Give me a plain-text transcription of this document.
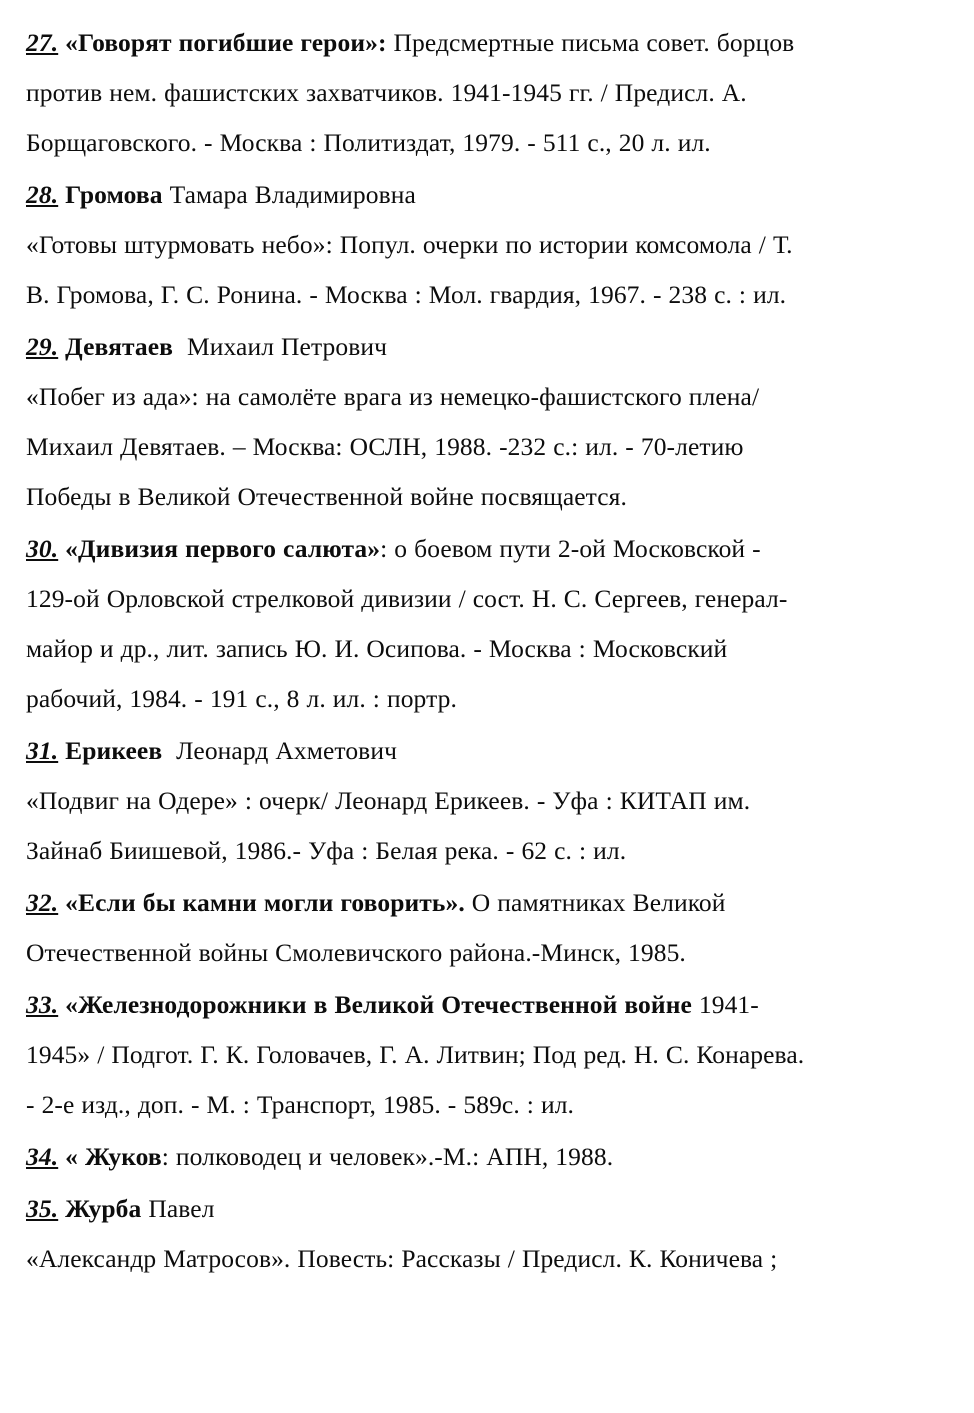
27. «Говорят погибшие герои»: Предсмертные письма совет. борцов
против нем. фашистских захватчиков. 1941-1945 гг. / Предисл. А.
Борщаговского. - Москва : Политиздат, 1979. - 511 с., 20 л. ил.
28. Громова Тамара Владимировна
«Готовы штурмовать небо»: Попул. очерки по истории комсомола / Т.
В. Громова, Г. С. Ронина. - Москва : Мол. гвардия, 1967. - 238 с. : ил.
29. Девятаев  Михаил Петрович
«Побег из ада»: на самолёте врага из немецко-фашистского плена/
Михаил Девятаев. – Москва: ОСЛН, 1988. -232 с.: ил. - 70-летию
Победы в Великой Отечественной войне посвящается.
30. «Дивизия первого салюта»: о боевом пути 2-ой Московской -
129-ой Орловской стрелковой дивизии / сост. Н. С. Сергеев, генерал-
майор и др., лит. запись Ю. И. Осипова. - Москва : Московский
рабочий, 1984. - 191 с., 8 л. ил. : портр.
31. Ерикеев  Леонард Ахметович
«Подвиг на Одере» : очерк/ Леонард Ерикеев. - Уфа : КИТАП им.
Зайнаб Биишевой, 1986.- Уфа : Белая река. - 62 с. : ил.
32. «Если бы камни могли говорить». О памятниках Великой
Отечественной войны Смолевичского района.-Минск, 1985.
33. «Железнодорожники в Великой Отечественной войне 1941-
1945» / Подгот. Г. К. Головачев, Г. А. Литвин; Под ред. Н. С. Конарева.
- 2-е изд., доп. - М. : Транспорт, 1985. - 589с. : ил.
34. « Жуков: полководец и человек».-М.: АПН, 1988.
35. Журба Павел
«Александр Матросов». Повесть: Рассказы / Предисл. К. Коничева ;
